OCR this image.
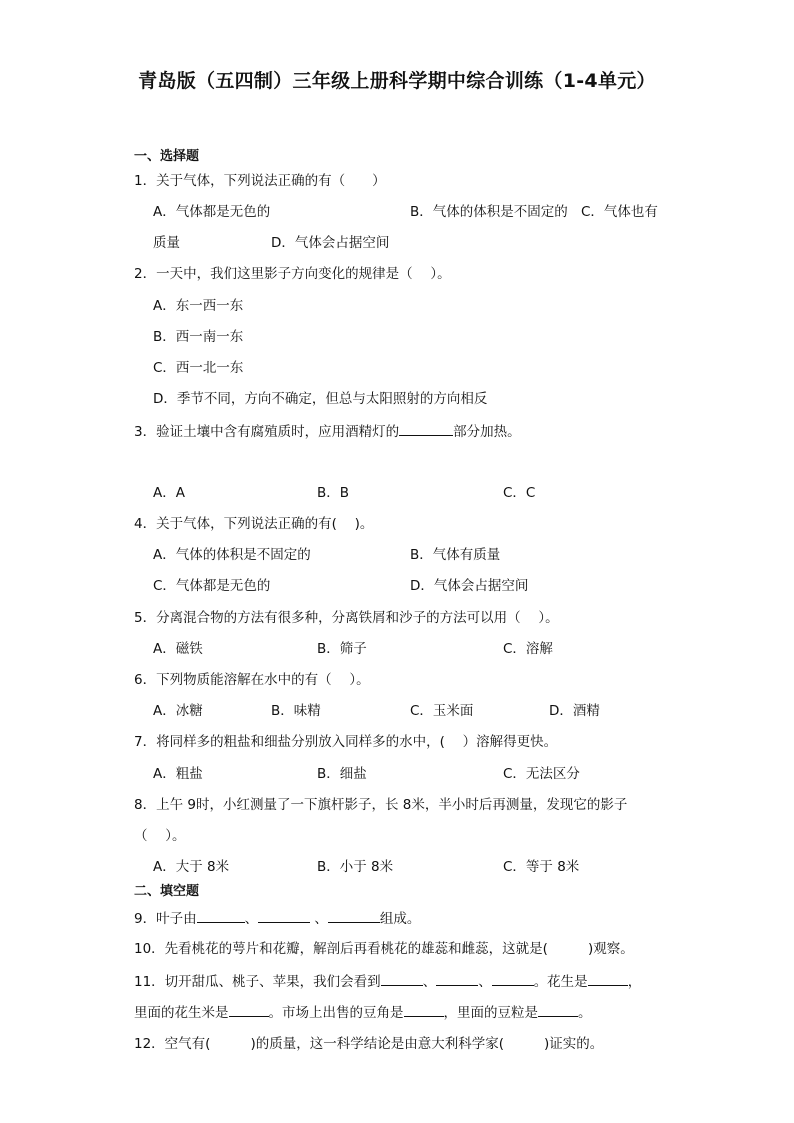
青岛版（五四制）三年级上册科学期中综合训练（1-4单元）
一、选择题
1．关于气体，下列说法正确的有（　　）
A．气体都是无色的	B．气体的体积是不固定的 C．气体也有
质量	D．气体会占据空间
2．一天中，我们这里影子方向变化的规律是（　 ）。
A．东一西一东
B．西一南一东
C．西一北一东
D．季节不同，方向不确定，但总与太阳照射的方向相反
3．验证土壤中含有腐殖质时，应用酒精灯的	部分加热。
A．A	B．B	C．C
4．关于气体，下列说法正确的有(　 )。
A．气体的体积是不固定的	B．气体有质量
C．气体都是无色的	D．气体会占据空间
5．分离混合物的方法有很多种，分离铁屑和沙子的方法可以用（　 ）。
A．磁铁	B．筛子	C．溶解
6．下列物质能溶解在水中的有（　 ）。
A．冰糖	B．味精	C．玉米面	D．酒精
7．将同样多的粗盐和细盐分别放入同样多的水中，(　 ）溶解得更快。
A．粗盐	B．细盐	C．无法区分
8．上午 9时，小红测量了一下旗杆影子，长 8米，半小时后再测量，发现它的影子
（　 ）。
A．大于 8米	B．小于 8米	C．等于 8米
二、填空题
9．叶子由	、	、	组成。
10．先看桃花的萼片和花瓣，解剖后再看桃花的雄蕊和雌蕊，这就是(	)观察。
11．切开甜瓜、桃子、苹果，我们会看到	、	、	。花生是	，
里面的花生米是	。市场上出售的豆角是	，里面的豆粒是	。
12．空气有(	)的质量，这一科学结论是由意大利科学家(	)证实的。
